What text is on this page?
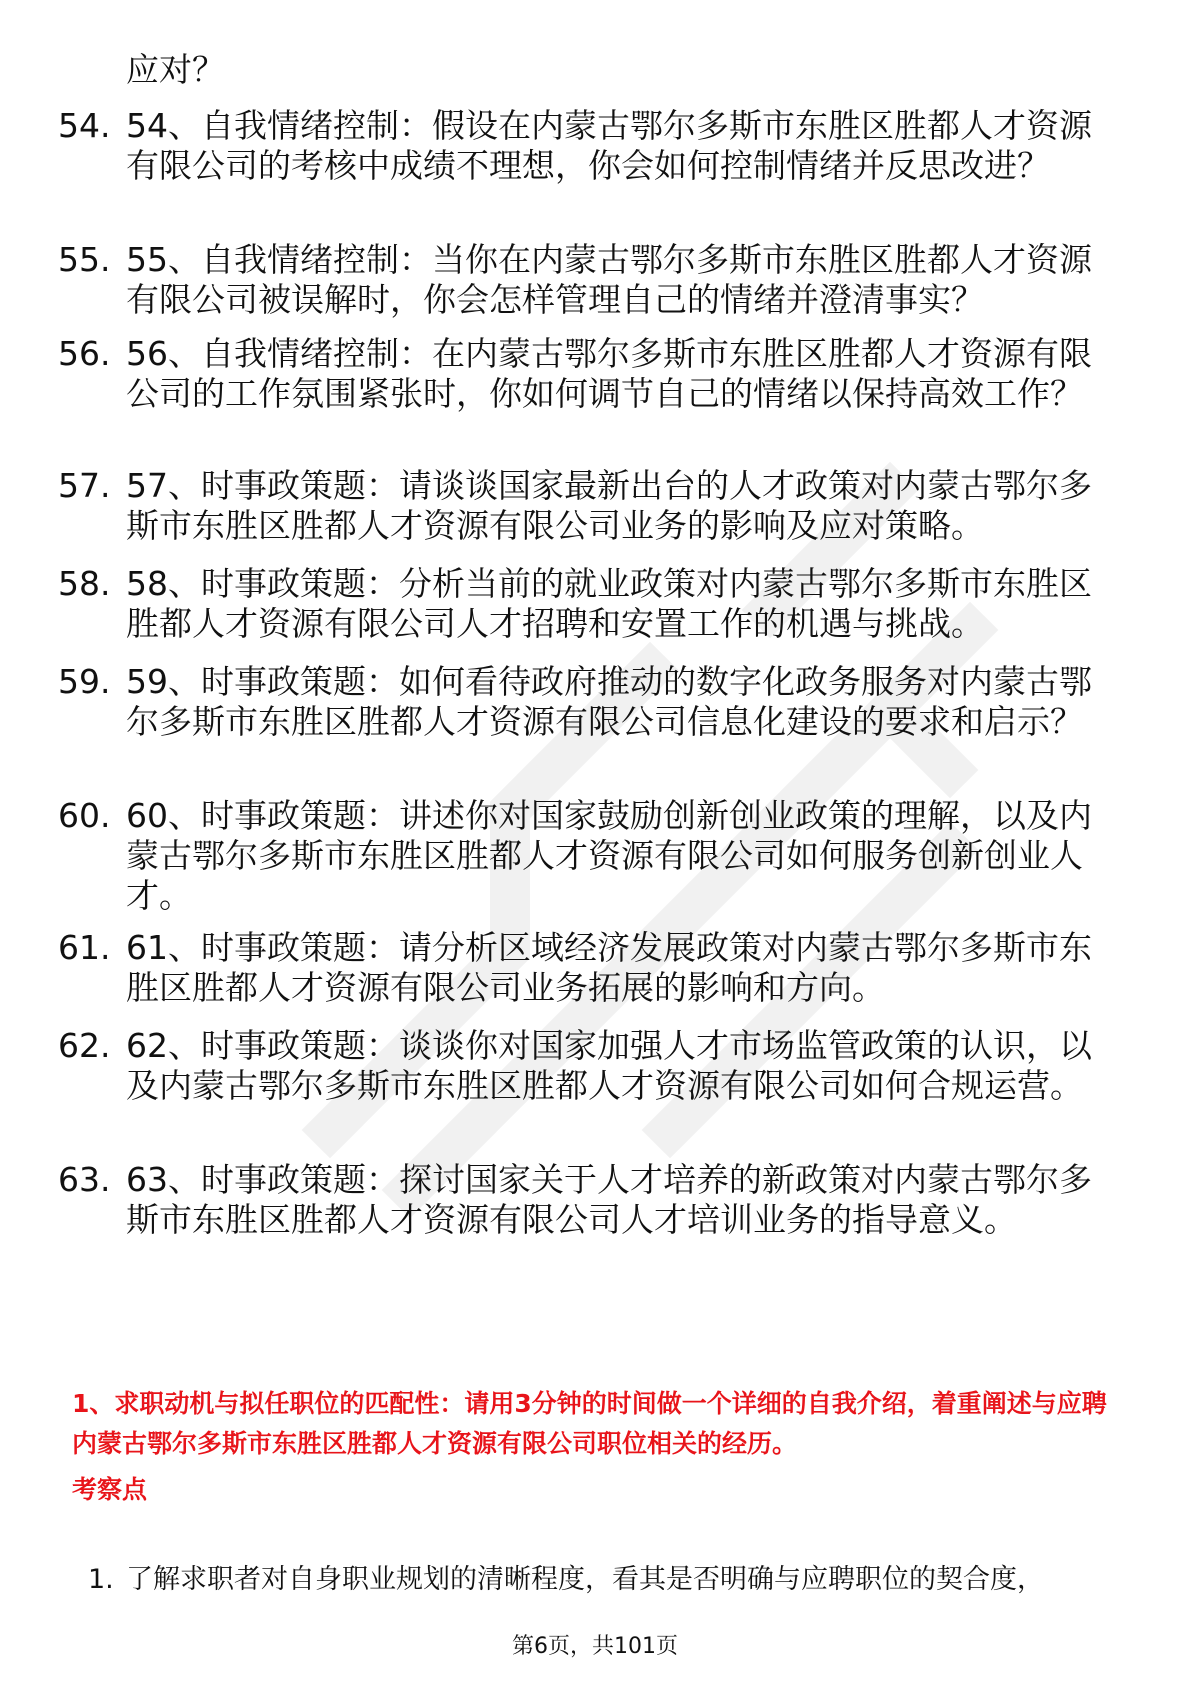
应对？

54. 54、自我情绪控制：假设在内蒙古鄂尔多斯市东胜区胜都人才资源有限公司的考核中成绩不理想，你会如何控制情绪并反思改进？
55. 55、自我情绪控制：当你在内蒙古鄂尔多斯市东胜区胜都人才资源有限公司被误解时，你会怎样管理自己的情绪并澄清事实？
56. 56、自我情绪控制：在内蒙古鄂尔多斯市东胜区胜都人才资源有限公司的工作氛围紧张时，你如何调节自己的情绪以保持高效工作？
57. 57、时事政策题：请谈谈国家最新出台的人才政策对内蒙古鄂尔多斯市东胜区胜都人才资源有限公司业务的影响及应对策略。
58. 58、时事政策题：分析当前的就业政策对内蒙古鄂尔多斯市东胜区胜都人才资源有限公司人才招聘和安置工作的机遇与挑战。
59. 59、时事政策题：如何看待政府推动的数字化政务服务对内蒙古鄂尔多斯市东胜区胜都人才资源有限公司信息化建设的要求和启示？
60. 60、时事政策题：讲述你对国家鼓励创新创业政策的理解，以及内蒙古鄂尔多斯市东胜区胜都人才资源有限公司如何服务创新创业人才。
61. 61、时事政策题：请分析区域经济发展政策对内蒙古鄂尔多斯市东胜区胜都人才资源有限公司业务拓展的影响和方向。
62. 62、时事政策题：谈谈你对国家加强人才市场监管政策的认识，以及内蒙古鄂尔多斯市东胜区胜都人才资源有限公司如何合规运营。
63. 63、时事政策题：探讨国家关于人才培养的新政策对内蒙古鄂尔多斯市东胜区胜都人才资源有限公司人才培训业务的指导意义。

1、求职动机与拟任职位的匹配性：请用3分钟的时间做一个详细的自我介绍，着重阐述与应聘内蒙古鄂尔多斯市东胜区胜都人才资源有限公司职位相关的经历。

考察点

1. 了解求职者对自身职业规划的清晰程度，看其是否明确与应聘职位的契合度，
第6页，共101页
